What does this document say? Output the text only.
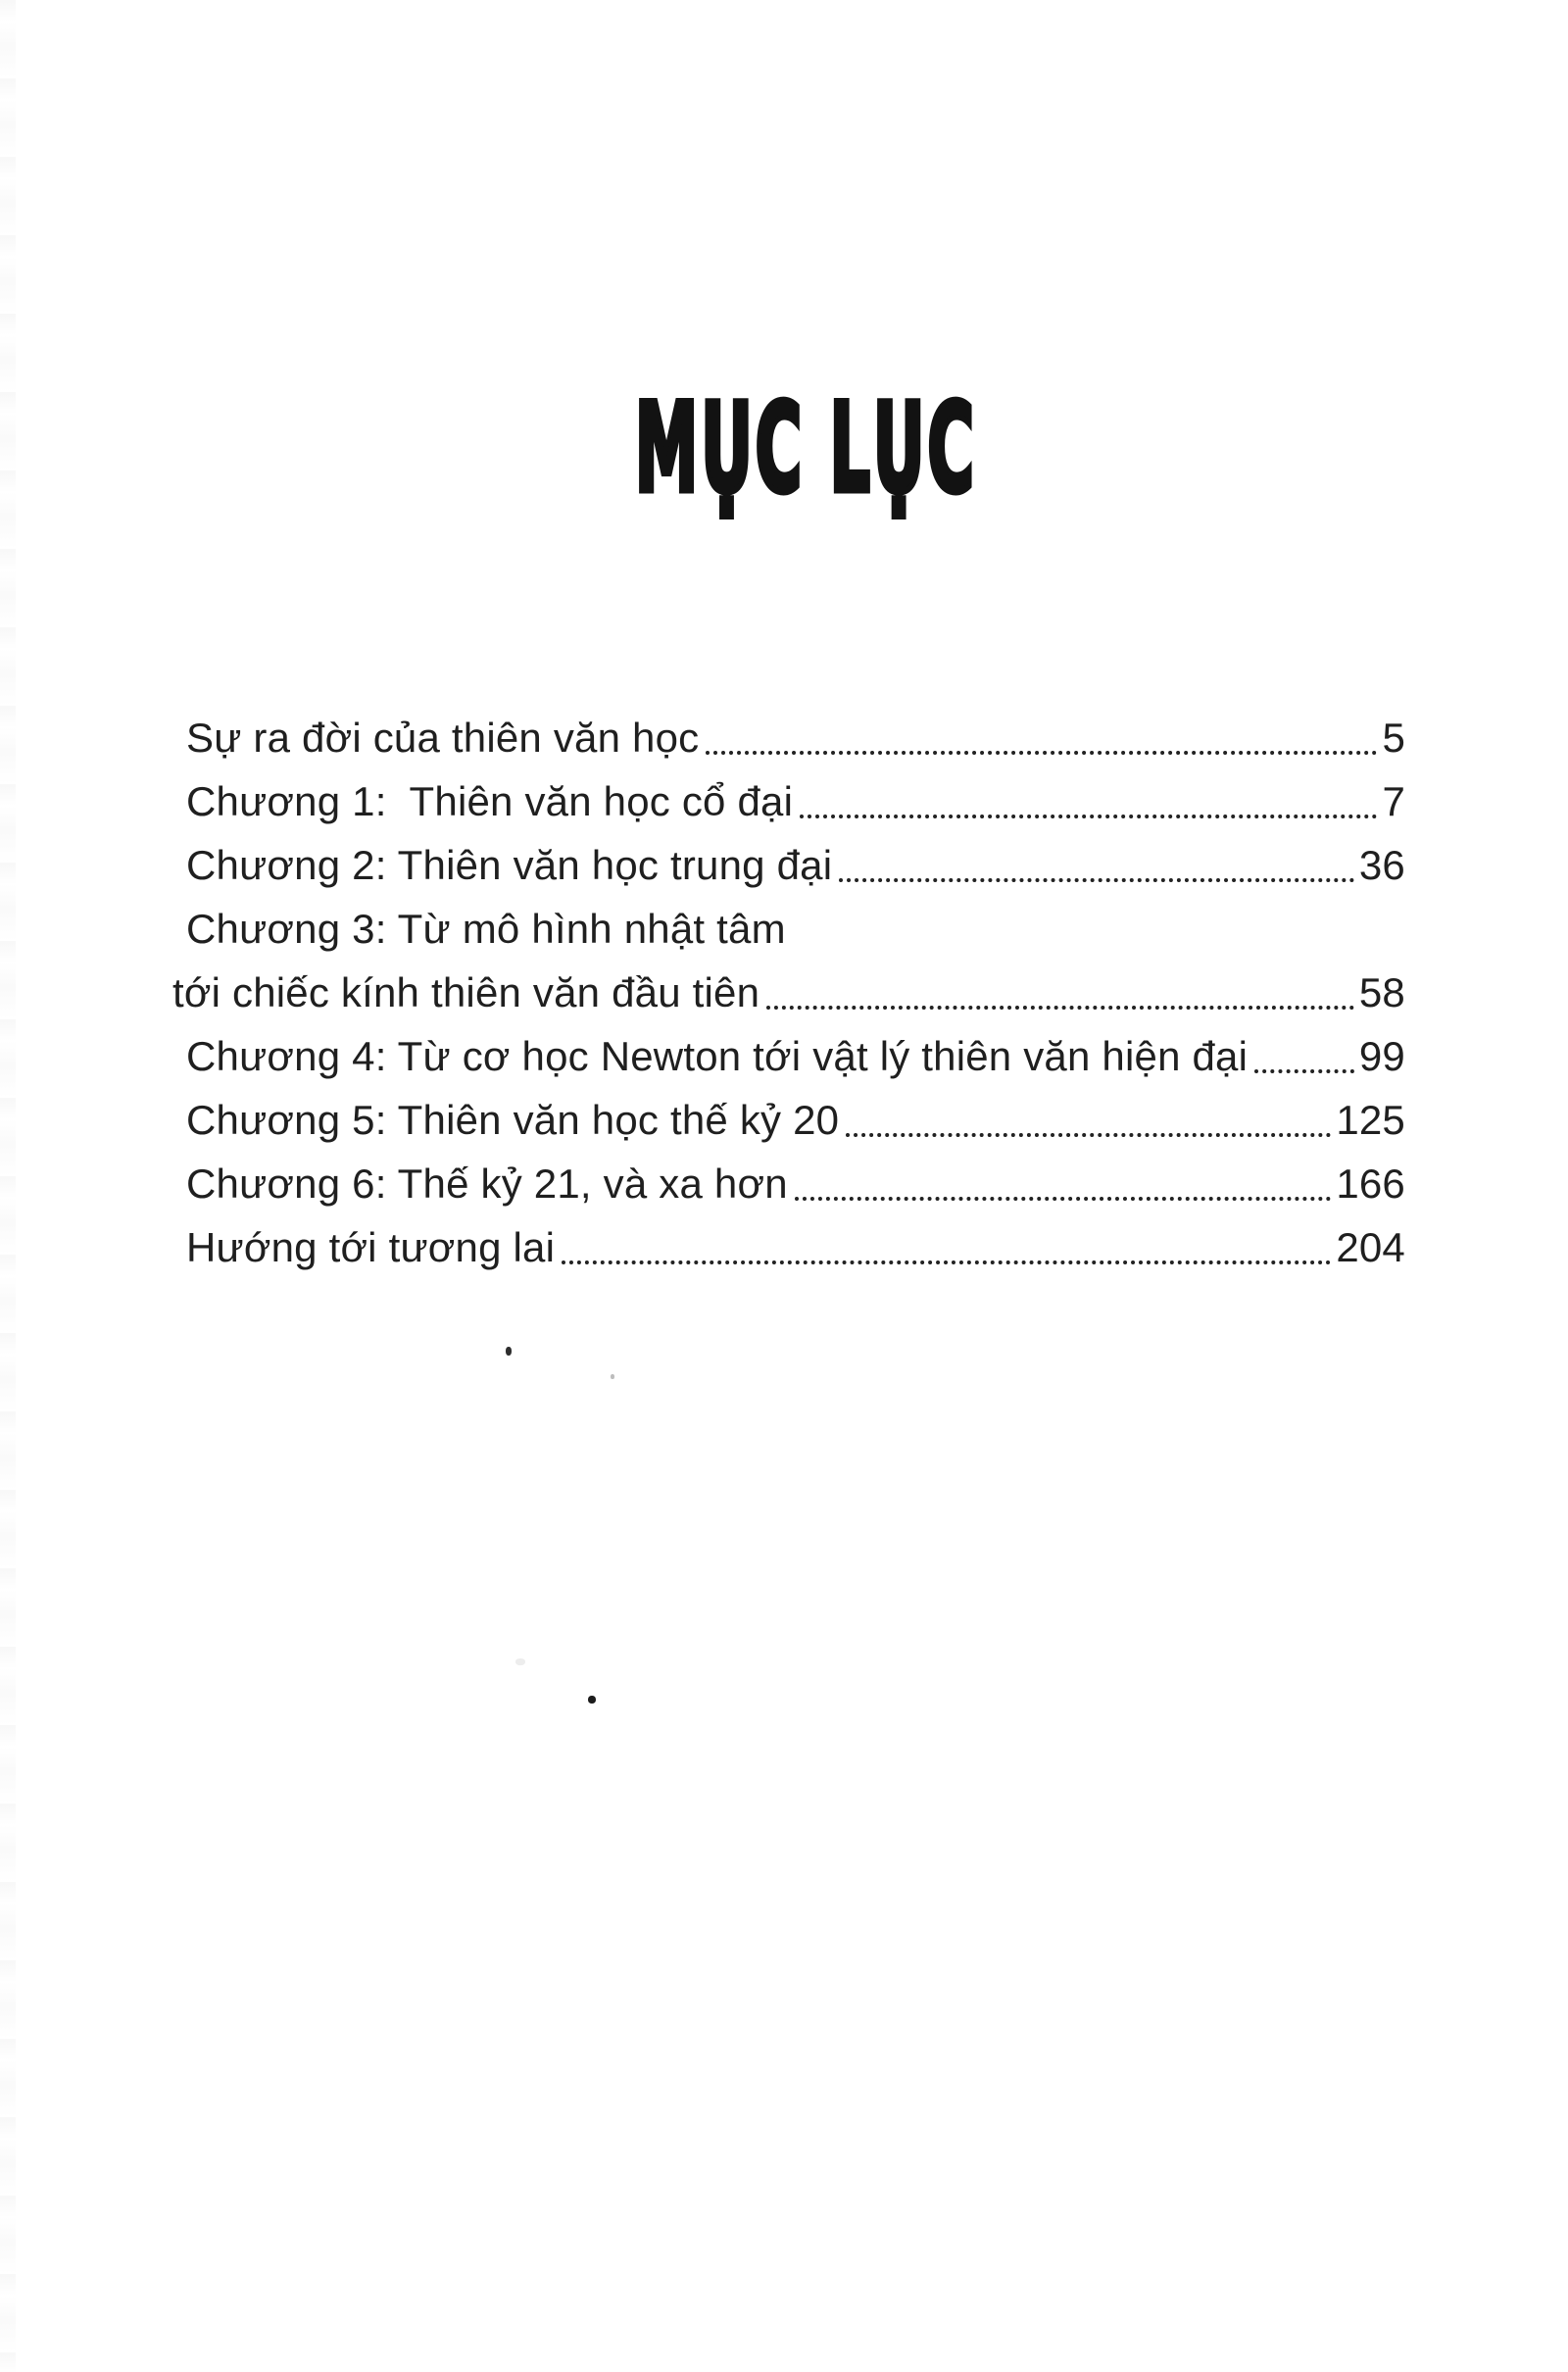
MỤC LỤC
Sự ra đời của thiên văn học	5
Chương 1:  Thiên văn học cổ đại	7
Chương 2: Thiên văn học trung đại	36
Chương 3: Từ mô hình nhật tâm
tới chiếc kính thiên văn đầu tiên	58
Chương 4: Từ cơ học Newton tới vật lý thiên văn hiện đại	99
Chương 5: Thiên văn học thế kỷ 20	125
Chương 6: Thế kỷ 21, và xa hơn	166
Hướng tới tương lai	204
